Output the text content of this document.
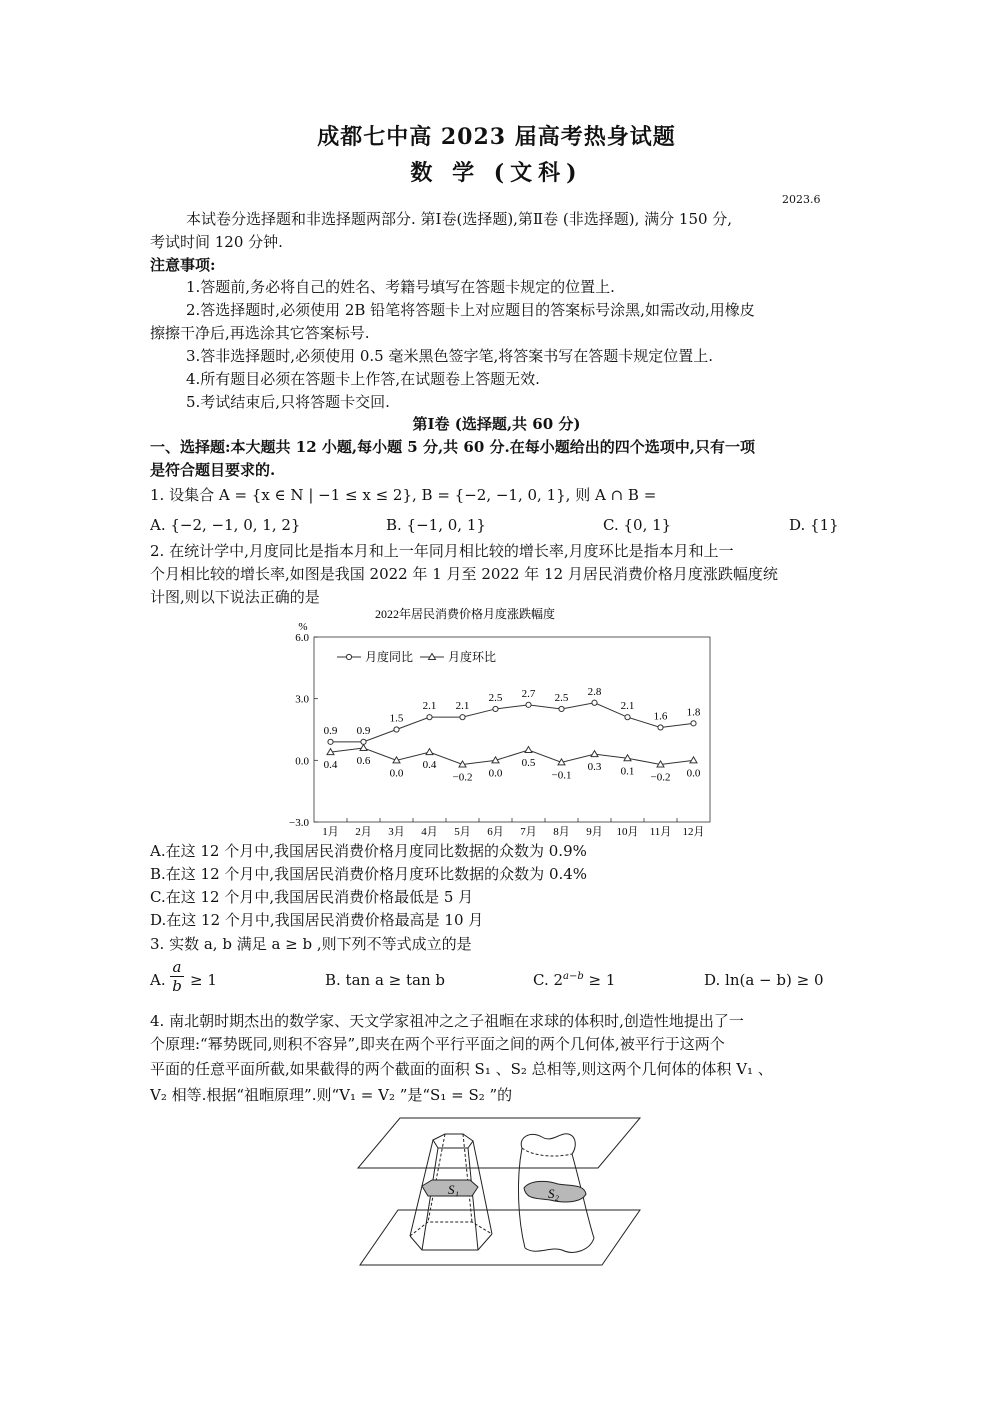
成都七中高 2023 届高考热身试题
数 学 (文科)
2023.6
本试卷分选择题和非选择题两部分. 第Ⅰ卷(选择题),第Ⅱ卷 (非选择题), 满分 150 分,
考试时间 120 分钟.
注意事项:
1.答题前,务必将自己的姓名、考籍号填写在答题卡规定的位置上.
2.答选择题时,必须使用 2B 铅笔将答题卡上对应题目的答案标号涂黑,如需改动,用橡皮
擦擦干净后,再选涂其它答案标号.
3.答非选择题时,必须使用 0.5 毫米黑色签字笔,将答案书写在答题卡规定位置上.
4.所有题目必须在答题卡上作答,在试题卷上答题无效.
5.考试结束后,只将答题卡交回.
第Ⅰ卷 (选择题,共 60 分)
一、选择题:本大题共 12 小题,每小题 5 分,共 60 分.在每小题给出的四个选项中,只有一项
是符合题目要求的.
1. 设集合 A = {x ∈ N | −1 ≤ x ≤ 2}, B = {−2, −1, 0, 1}, 则 A ∩ B =
A. {−2, −1, 0, 1, 2}	B. {−1, 0, 1}	C. {0, 1}	D. {1}
2. 在统计学中,月度同比是指本月和上一年同月相比较的增长率,月度环比是指本月和上一
个月相比较的增长率,如图是我国 2022 年 1 月至 2022 年 12 月居民消费价格月度涨跌幅度统
计图,则以下说法正确的是
2022年居民消费价格月度涨跌幅度
%
月度同比	月度环比
6.0
3.0
0.0
−3.0
1月 2月 3月 4月 5月 6月 7月 8月 9月 10月 11月 12月
0.9 0.9
1.5
2.1 2.1
2.5 2.7 2.5
2.8
2.1
1.6 1.8
0.4 0.6
0.0
0.4
−0.2 0.0
0.5
−0.1
0.3 0.1
−0.2 0.0
A.在这 12 个月中,我国居民消费价格月度同比数据的众数为 0.9%
B.在这 12 个月中,我国居民消费价格月度环比数据的众数为 0.4%
C.在这 12 个月中,我国居民消费价格最低是 5 月
D.在这 12 个月中,我国居民消费价格最高是 10 月
3. 实数 a, b 满足 a ≥ b ,则下列不等式成立的是
A.
a
b ≥ 1	B. tan a ≥ tan b	C. $2^{a-b} \ge 1$	D. ln(a − b) ≥ 0
4. 南北朝时期杰出的数学家、天文学家祖冲之之子祖暅在求球的体积时,创造性地提出了一
个原理:“幂势既同,则积不容异”,即夹在两个平行平面之间的两个几何体,被平行于这两个
平面的任意平面所截,如果截得的两个截面的面积 S₁ 、S₂ 总相等,则这两个几何体的体积 V₁ 、
V₂ 相等.根据“祖暅原理”.则“V₁ = V₂ ”是“S₁ = S₂ ”的
S₁	S₂
